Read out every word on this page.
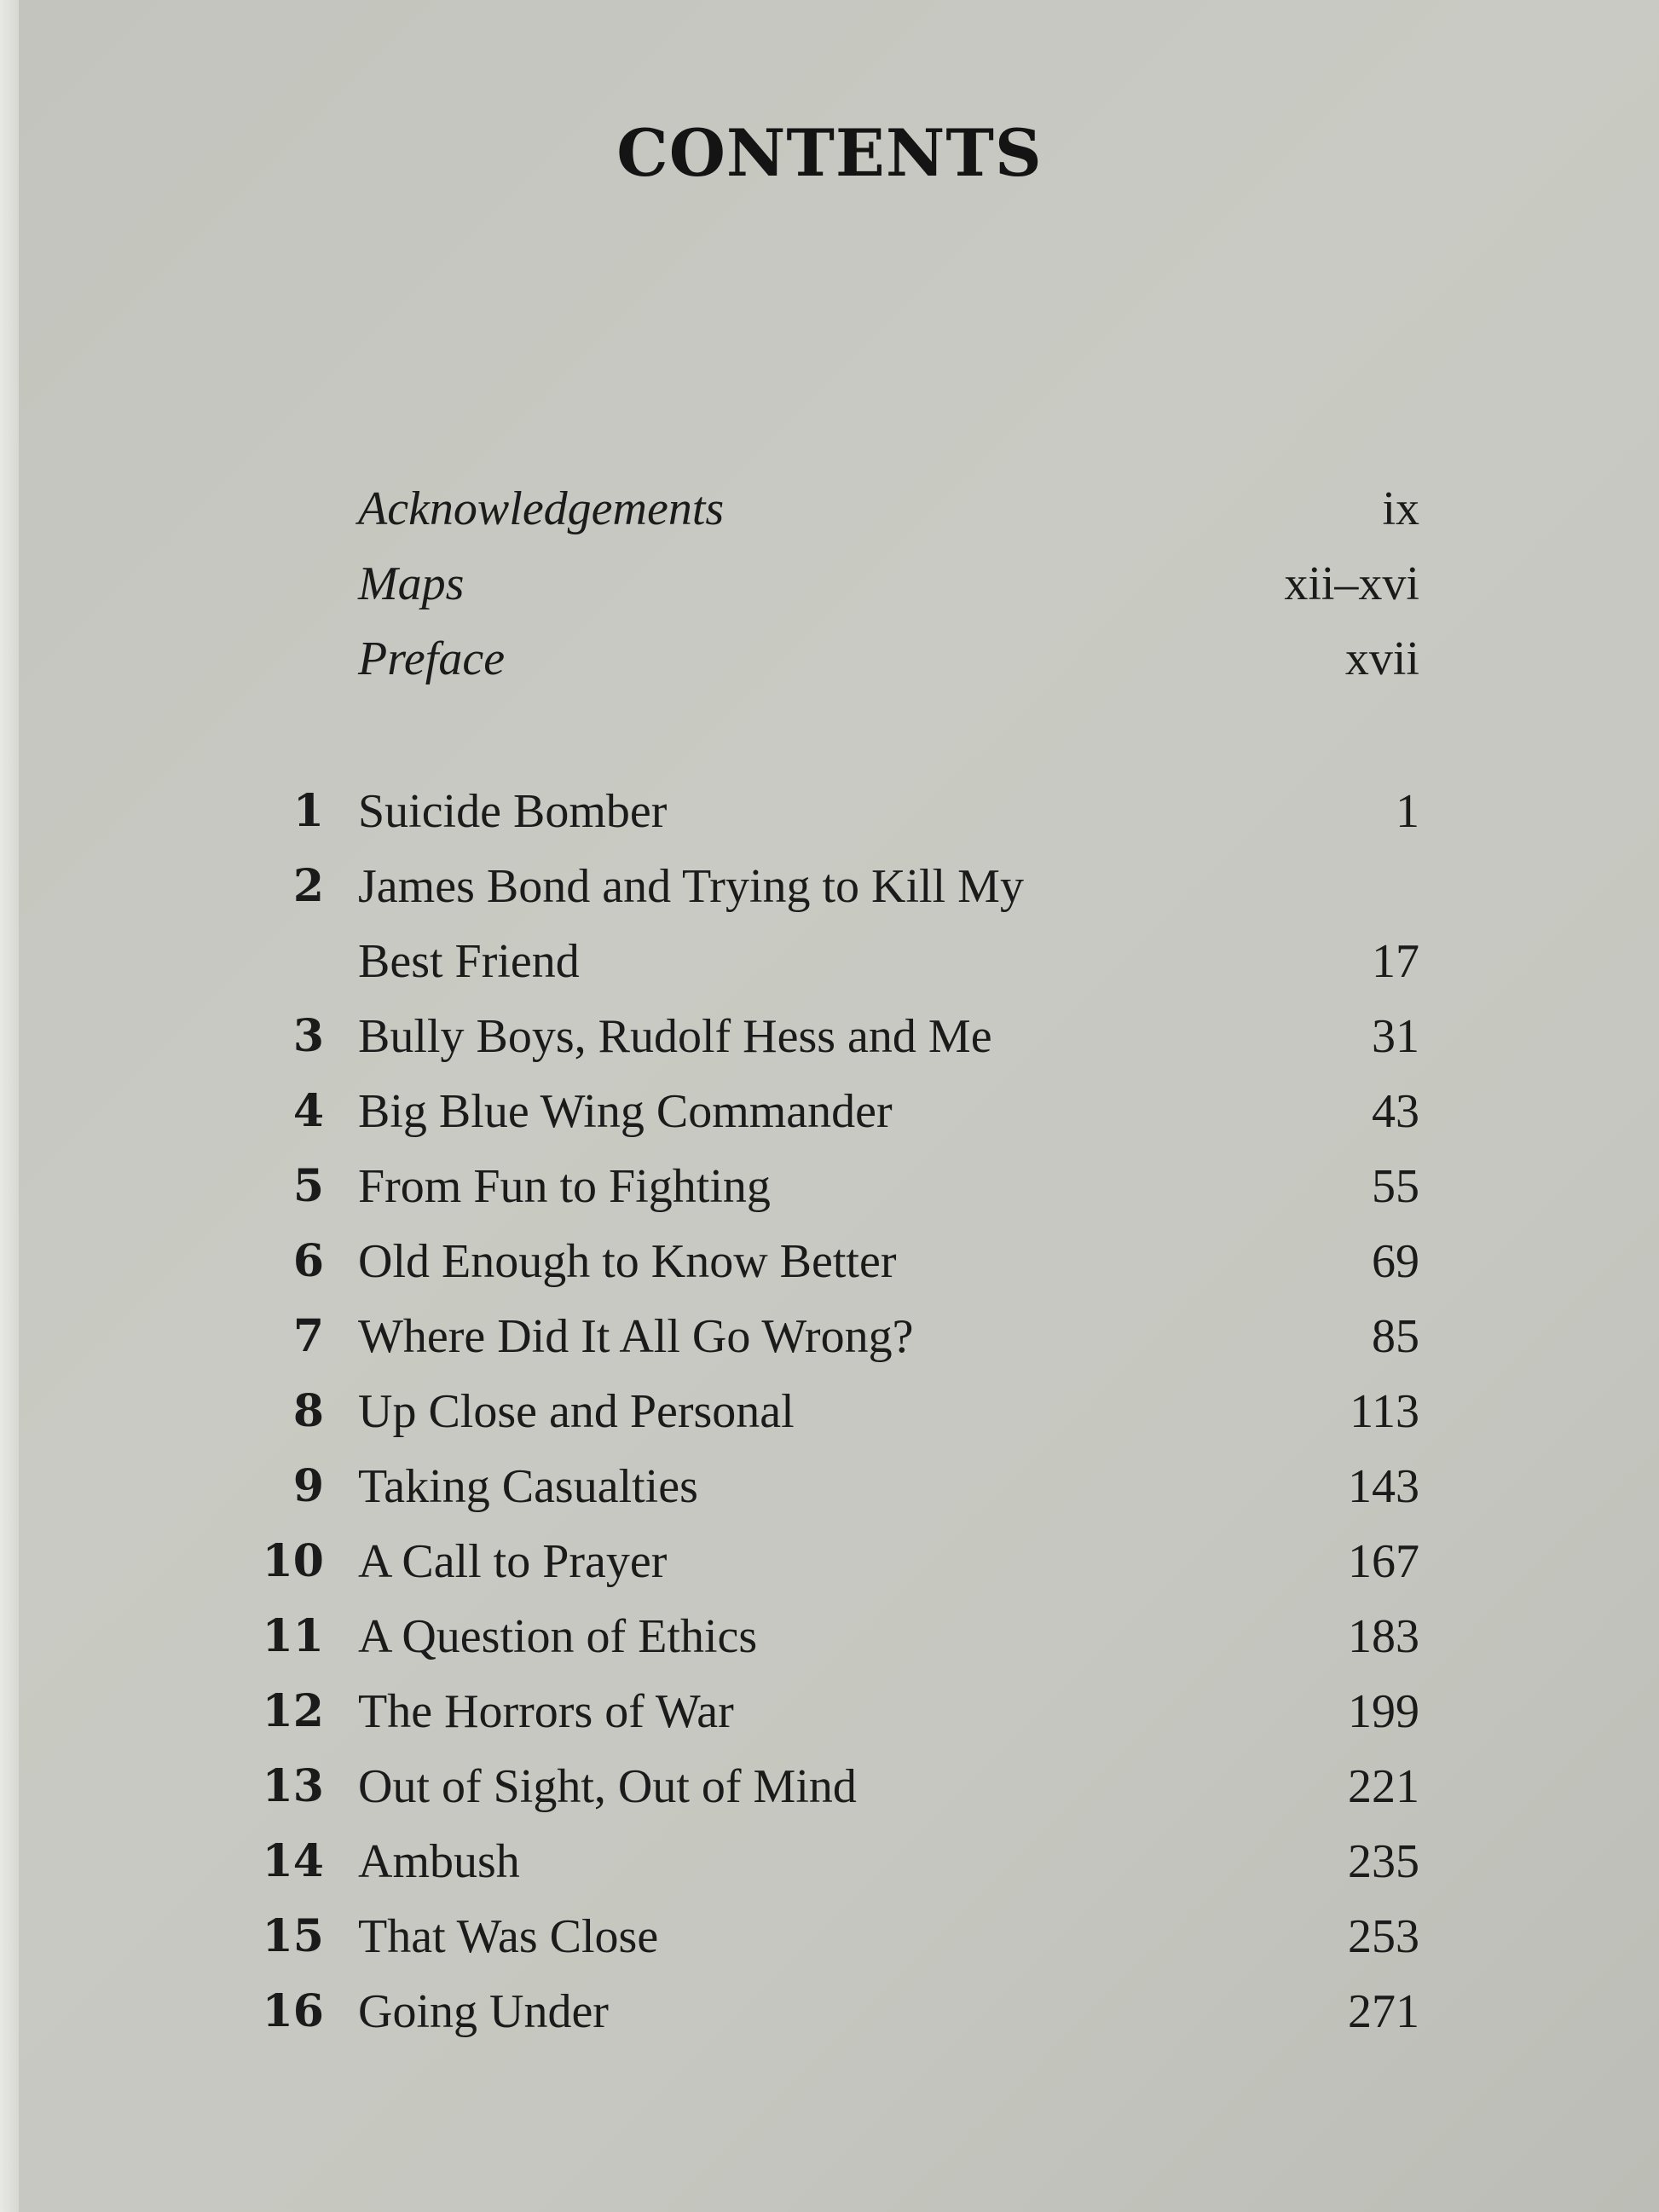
CONTENTS
Acknowledgements	ix
Maps	xii–xvi
Preface	xvii
1 Suicide Bomber	1
2 James Bond and Trying to Kill My
Best Friend	17
3 Bully Boys, Rudolf Hess and Me	31
4 Big Blue Wing Commander	43
5 From Fun to Fighting	55
6 Old Enough to Know Better	69
7 Where Did It All Go Wrong?	85
8 Up Close and Personal	113
9 Taking Casualties	143
10 A Call to Prayer	167
11 A Question of Ethics	183
12 The Horrors of War	199
13 Out of Sight, Out of Mind	221
14 Ambush	235
15 That Was Close	253
16 Going Under	271
